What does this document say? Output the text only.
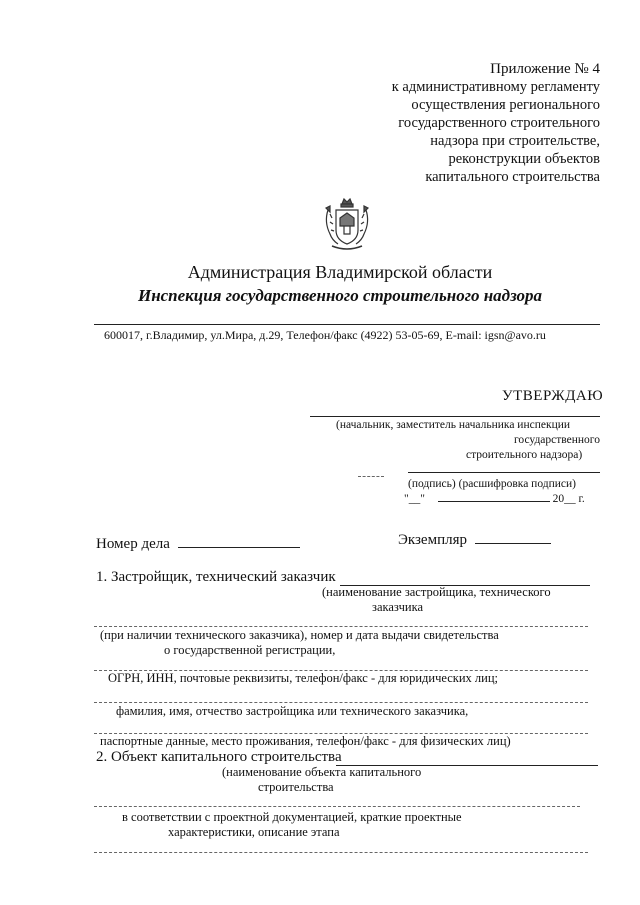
Приложение № 4
к административному регламенту
осуществления регионального
государственного строительного
надзора при строительстве,
реконструкции объектов
капитального строительства
Администрация Владимирской области
Инспекция государственного строительного надзора
600017, г.Владимир, ул.Мира, д.29, Телефон/факс (4922) 53-05-69, E-mail: igsn@avo.ru
УТВЕРЖДАЮ
(начальник, заместитель начальника инспекции
государственного
строительного надзора)
(подпись) (расшифровка подписи)
"__"	20__ г.
Номер дела	Экземпляр
1. Застройщик, технический заказчик
(наименование застройщика, технического
заказчика
(при наличии технического заказчика), номер и дата выдачи свидетельства
о государственной регистрации,
ОГРН, ИНН, почтовые реквизиты, телефон/факс - для юридических лиц;
фамилия, имя, отчество застройщика или технического заказчика,
паспортные данные, место проживания, телефон/факс - для физических лиц)
2. Объект капитального строительства
(наименование объекта капитального
строительства
в соответствии с проектной документацией, краткие проектные
характеристики, описание этапа
